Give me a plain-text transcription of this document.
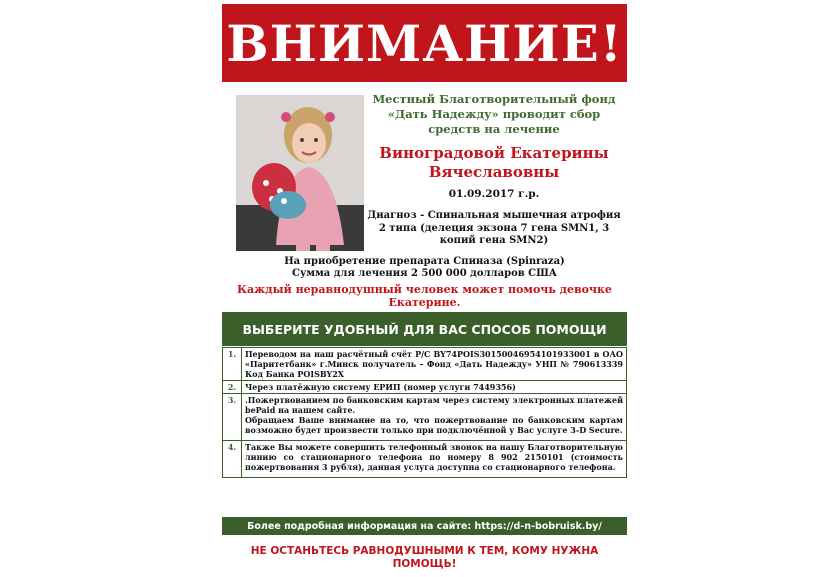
ВНИМАНИЕ!
Местный Благотворительный фонд «Дать Надежду» проводит сбор средств на лечение
Виноградовой Екатерины Вячеславовны
01.09.2017 г.р.
Диагноз - Спинальная мышечная атрофия 2 типа (делеция экзона 7 гена SMN1, 3 копий гена SMN2)
На приобретение препарата Спиназа (Spinraza)
Сумма для лечения 2 500 000 долларов США
Каждый неравнодушный человек может помочь девочке Екатерине.
ВЫБЕРИТЕ УДОБНЫЙ ДЛЯ ВАС СПОСОБ ПОМОЩИ
1.	Переводом на наш расчётный счёт Р/С BY74POIS30150046954101933001 в ОАО «Паритетбанк» г.Минск получатель – Фонд «Дать Надежду» УНП № 790613339 Код Банка POISBY2X
2.	Через платёжную систему ЕРИП (номер услуги 7449356)
3.	.Пожертвованием по банковским картам через систему электронных платежей bePaid на нашем сайте.
Обращаем Ваше внимание на то, что пожертвование по банковским картам возможно будет произвести только при подключённой у Вас услуге 3-D Secure.

4.	Также Вы можете совершить телефонный звонок на нашу Благотворительную линию со стационарного телефона по номеру 8 902 2150101 (стоимость пожертвования 3 рубля), данная услуга доступна со стационарного телефона.
Более подробная информация на сайте: https://d-n-bobruisk.by/
НЕ ОСТАНЬТЕСЬ РАВНОДУШНЫМИ К ТЕМ, КОМУ НУЖНА ПОМОЩЬ!
